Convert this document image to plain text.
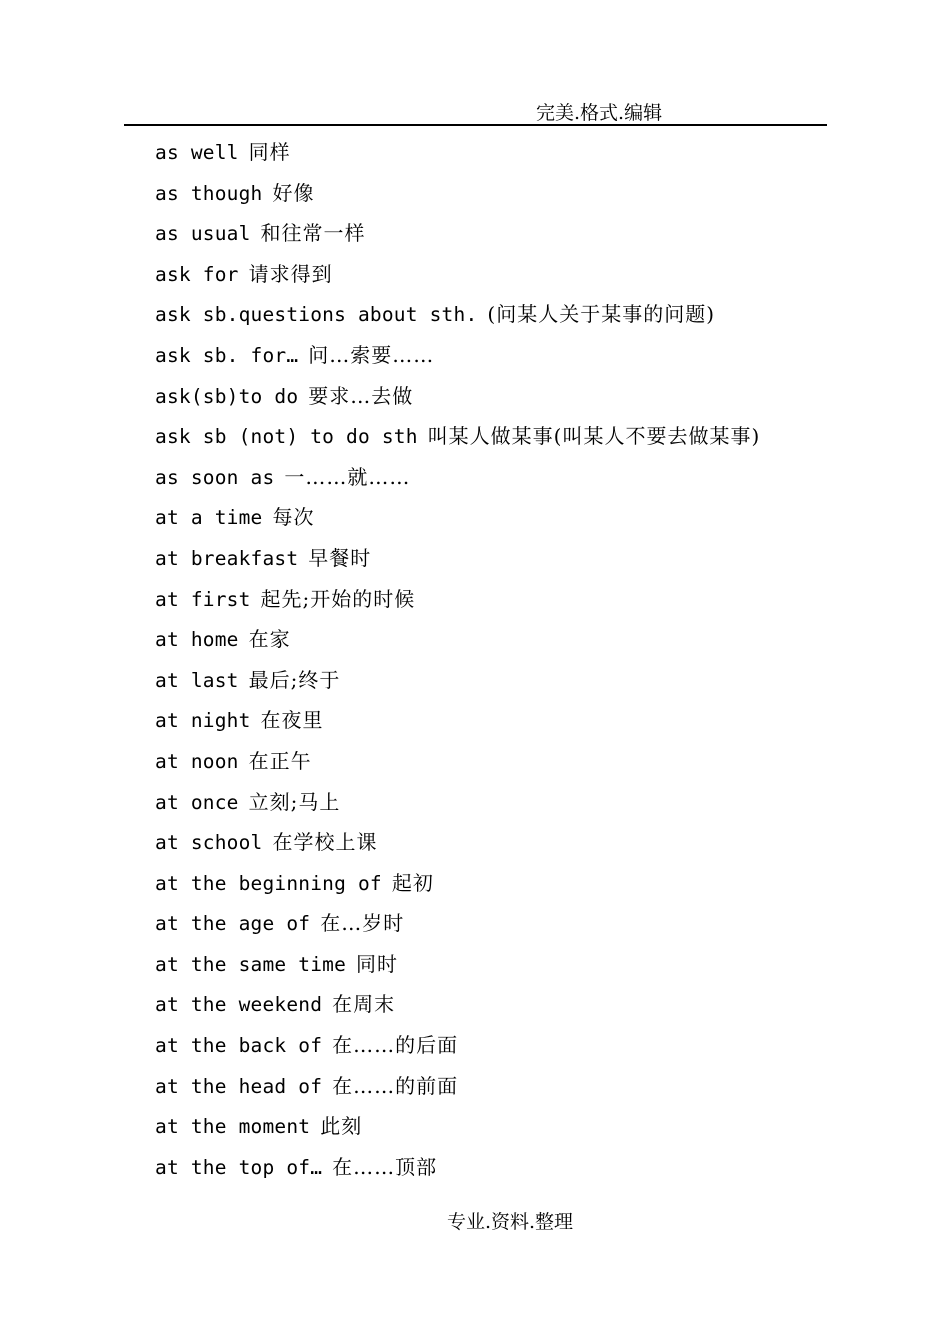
完美.格式.编辑
as well 同样
as though 好像
as usual 和往常一样
ask for 请求得到
ask sb.questions about sth. (问某人关于某事的问题)
ask sb. for… 问…索要……
ask(sb)to do 要求…去做
ask sb (not) to do sth 叫某人做某事(叫某人不要去做某事)
as soon as 一……就……
at a time 每次
at breakfast 早餐时
at first 起先;开始的时候
at home 在家
at last 最后;终于
at night 在夜里
at noon 在正午
at once 立刻;马上
at school 在学校上课
at the beginning of 起初
at the age of 在…岁时
at the same time 同时
at the weekend 在周末
at the back of 在……的后面
at the head of 在……的前面
at the moment 此刻
at the top of… 在……顶部
专业.资料.整理
